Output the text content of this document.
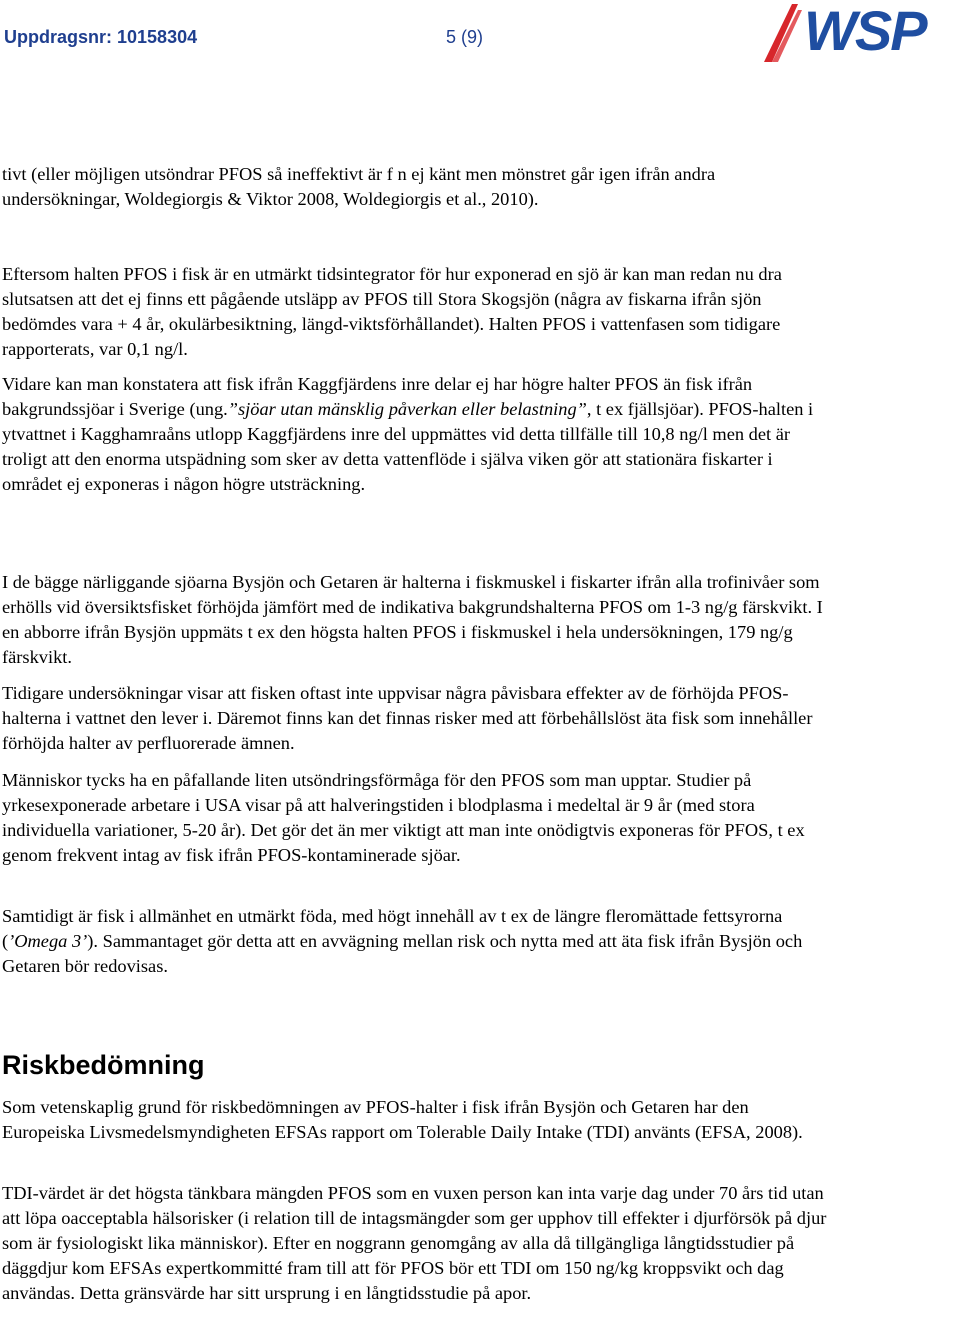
Uppdragsnr: 10158304	5 (9)	WSP

tivt (eller möjligen utsöndrar PFOS så ineffektivt är f n ej känt men mönstret går igen ifrån andra undersökningar, Woldegiorgis & Viktor 2008, Woldegiorgis et al., 2010).

Eftersom halten PFOS i fisk är en utmärkt tidsintegrator för hur exponerad en sjö är kan man redan nu dra slutsatsen att det ej finns ett pågående utsläpp av PFOS till Stora Skogsjön (några av fiskarna ifrån sjön bedömdes vara + 4 år, okulärbesiktning, längd-viktsförhållandet). Halten PFOS i vattenfasen som tidigare rapporterats, var 0,1 ng/l.

Vidare kan man konstatera att fisk ifrån Kaggfjärdens inre delar ej har högre halter PFOS än fisk ifrån bakgrundssjöar i Sverige (ung.”sjöar utan mänsklig påverkan eller belastning”, t ex fjällsjöar). PFOS-halten i ytvattnet i Kagghamraåns utlopp Kaggfjärdens inre del uppmättes vid detta tillfälle till 10,8 ng/l men det är troligt att den enorma utspädning som sker av detta vattenflöde i själva viken gör att stationära fiskarter i området ej exponeras i någon högre utsträckning.

I de bägge närliggande sjöarna Bysjön och Getaren är halterna i fiskmuskel i fiskarter ifrån alla trofinivåer som erhölls vid översiktsfisket förhöjda jämfört med de indikativa bakgrundshalterna PFOS om 1-3 ng/g färskvikt. I en abborre ifrån Bysjön uppmäts t ex den högsta halten PFOS i fiskmuskel i hela undersökningen, 179 ng/g färskvikt.

Tidigare undersökningar visar att fisken oftast inte uppvisar några påvisbara effekter av de förhöjda PFOS-halterna i vattnet den lever i. Däremot finns kan det finnas risker med att förbehållslöst äta fisk som innehåller förhöjda halter av perfluorerade ämnen.

Människor tycks ha en påfallande liten utsöndringsförmåga för den PFOS som man upptar. Studier på yrkesexponerade arbetare i USA visar på att halveringstiden i blodplasma i medeltal är 9 år (med stora individuella variationer, 5-20 år). Det gör det än mer viktigt att man inte onödigtvis exponeras för PFOS, t ex genom frekvent intag av fisk ifrån PFOS-kontaminerade sjöar.

Samtidigt är fisk i allmänhet en utmärkt föda, med högt innehåll av t ex de längre fleromättade fettsyrorna (’Omega 3’). Sammantaget gör detta att en avvägning mellan risk och nytta med att äta fisk ifrån Bysjön och Getaren bör redovisas.

Riskbedömning

Som vetenskaplig grund för riskbedömningen av PFOS-halter i fisk ifrån Bysjön och Getaren har den Europeiska Livsmedelsmyndigheten EFSAs rapport om Tolerable Daily Intake (TDI) använts (EFSA, 2008).

TDI-värdet är det högsta tänkbara mängden PFOS som en vuxen person kan inta varje dag under 70 års tid utan att löpa oacceptabla hälsorisker (i relation till de intagsmängder som ger upphov till effekter i djurförsök på djur som är fysiologiskt lika människor). Efter en noggrann genomgång av alla då tillgängliga långtidsstudier på däggdjur kom EFSAs expertkommitté fram till att för PFOS bör ett TDI om 150 ng/kg kroppsvikt och dag användas. Detta gränsvärde har sitt ursprung i en långtidsstudie på apor.
